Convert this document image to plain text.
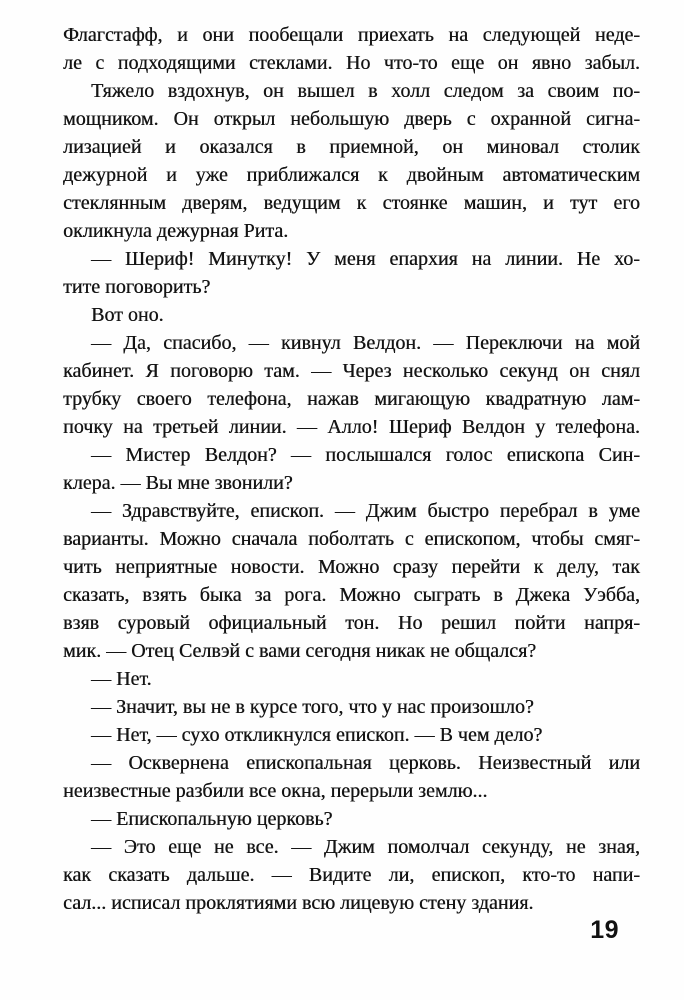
Флагстафф, и они пообещали приехать на следующей неде-
ле с подходящими стеклами. Но что-то еще он явно забыл.
Тяжело вздохнув, он вышел в холл следом за своим по-
мощником. Он открыл небольшую дверь с охранной сигна-
лизацией и оказался в приемной, он миновал столик
дежурной и уже приближался к двойным автоматическим
стеклянным дверям, ведущим к стоянке машин, и тут его
окликнула дежурная Рита.
— Шериф! Минутку! У меня епархия на линии. Не хо-
тите поговорить?
Вот оно.
— Да, спасибо, — кивнул Велдон. — Переключи на мой
кабинет. Я поговорю там. — Через несколько секунд он снял
трубку своего телефона, нажав мигающую квадратную лам-
почку на третьей линии. — Алло! Шериф Велдон у телефона.
— Мистер Велдон? — послышался голос епископа Син-
клера. — Вы мне звонили?
— Здравствуйте, епископ. — Джим быстро перебрал в уме
варианты. Можно сначала поболтать с епископом, чтобы смяг-
чить неприятные новости. Можно сразу перейти к делу, так
сказать, взять быка за рога. Можно сыграть в Джека Уэбба,
взяв суровый официальный тон. Но решил пойти напря-
мик. — Отец Селвэй с вами сегодня никак не общался?
— Нет.
— Значит, вы не в курсе того, что у нас произошло?
— Нет, — сухо откликнулся епископ. — В чем дело?
— Осквернена епископальная церковь. Неизвестный или
неизвестные разбили все окна, перерыли землю...
— Епископальную церковь?
— Это еще не все. — Джим помолчал секунду, не зная,
как сказать дальше. — Видите ли, епископ, кто-то напи-
сал... исписал проклятиями всю лицевую стену здания.
19
